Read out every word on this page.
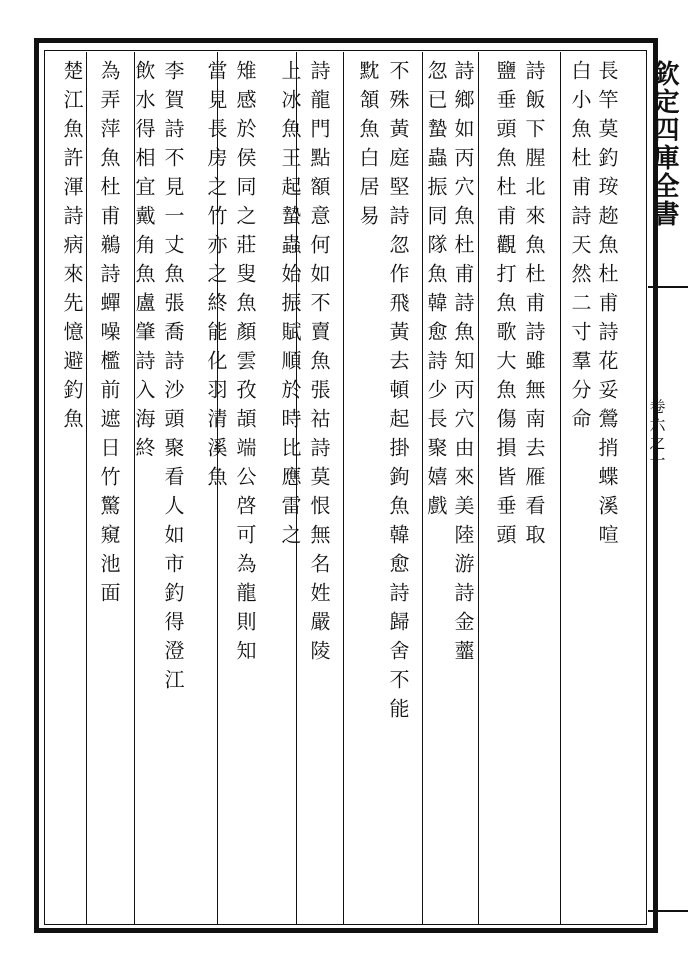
欽定四庫全書
卷六之一
長竿莫釣𤥃趂魚杜甫詩花妥鶯捎蝶溪喧
白小魚杜甫詩天然二寸羣分命
詩飯下腥北來魚杜甫詩雖無南去雁看取
鹽垂頭魚杜甫觀打魚歌大魚傷損皆垂頭
詩鄉如丙穴魚杜甫詩魚知丙穴由來美陸游詩金虀
忽已蟄蟲振同隊魚韓愈詩少長聚嬉戲
不殊黃庭堅詩忽作飛黃去頓起掛鉤魚韓愈詩歸舍不能
黕頷魚白居易
詩龍門點額意何如不賣魚張祜詩莫恨無名姓嚴陵
上冰魚王起蟄蟲始振賦順於時比應雷之
雉感於侯同之莊叟魚顏雲孜頡端公啓可為龍則知
當見長房之竹亦之終能化羽清溪魚
李賀詩不見一丈魚張喬詩沙頭聚看人如市釣得澄江
飲水得相宜戴角魚盧肇詩入海終
為弄萍魚杜甫鵜詩蟬噪檻前遮日竹驚窺池面
楚江魚許渾詩病來先憶避釣魚
